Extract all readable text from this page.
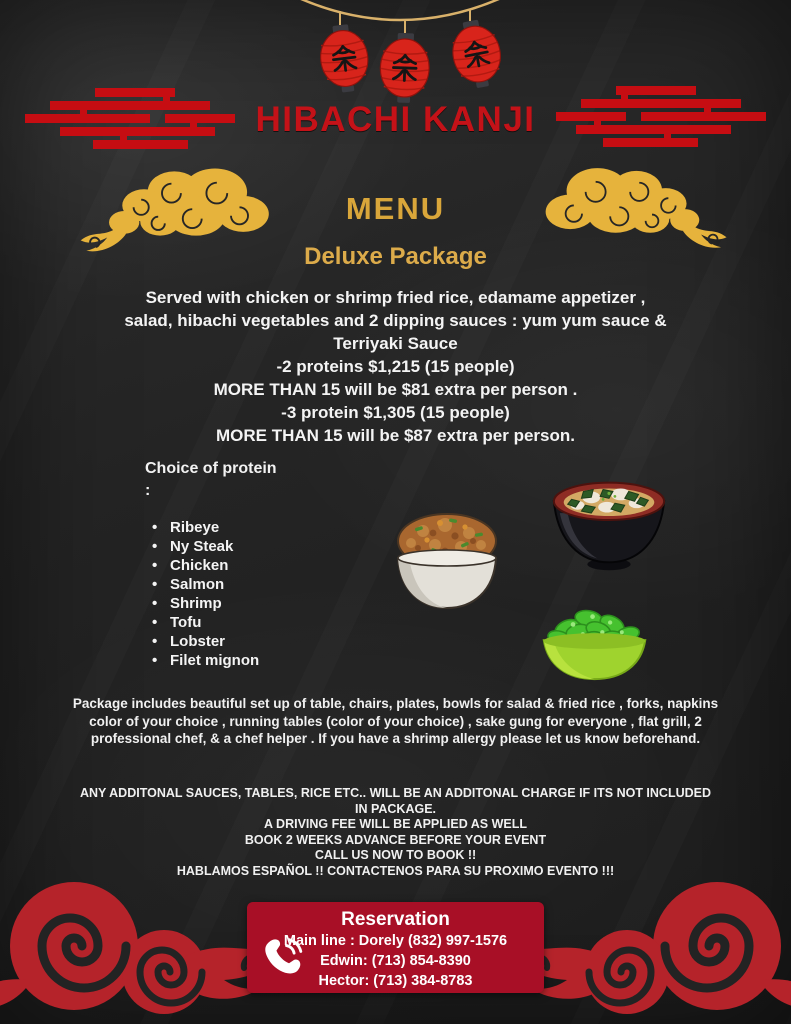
HIBACHI KANJI
MENU
Deluxe Package
Served with chicken or shrimp fried rice, edamame appetizer ,
salad, hibachi vegetables and 2 dipping sauces : yum yum sauce &
Terriyaki Sauce
-2 proteins $1,215 (15 people)
MORE THAN 15 will be $81 extra per person .
-3 protein $1,305 (15 people)
MORE THAN 15 will be $87 extra per person.
Choice of protein
:
• Ribeye
• Ny Steak
• Chicken
• Salmon
• Shrimp
• Tofu
• Lobster
• Filet mignon
Package includes beautiful set up of table, chairs, plates, bowls for salad & fried rice , forks, napkins color of your choice , running tables (color of your choice) , sake gung for everyone , flat grill, 2 professional chef, & a chef helper . If you have a shrimp allergy please let us know beforehand.
ANY ADDITONAL SAUCES, TABLES, RICE ETC.. WILL BE AN ADDITONAL CHARGE IF ITS NOT INCLUDED IN PACKAGE.
A DRIVING FEE WILL BE APPLIED AS WELL
BOOK 2 WEEKS ADVANCE BEFORE YOUR EVENT
CALL US NOW TO BOOK !!
HABLAMOS ESPAÑOL !! CONTACTENOS PARA SU PROXIMO EVENTO !!!
Reservation
Main line : Dorely (832) 997-1576
Edwin: (713) 854-8390
Hector: (713) 384-8783
